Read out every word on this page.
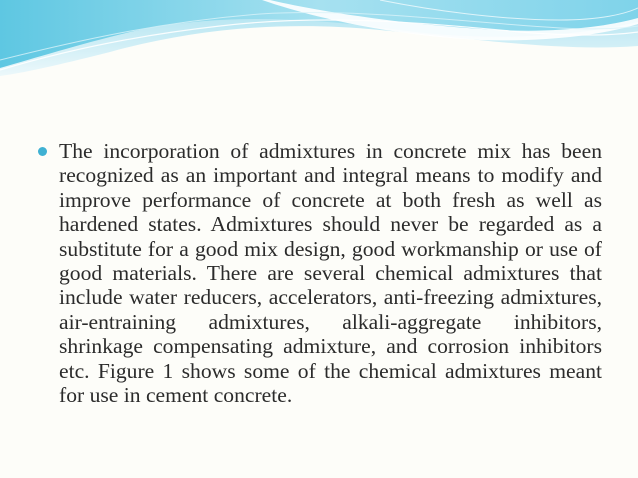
The incorporation of admixtures in concrete mix has been recognized as an important and integral means to modify and improve performance of concrete at both fresh as well as hardened states. Admixtures should never be regarded as a substitute for a good mix design, good workmanship or use of good materials. There are several chemical admixtures that include water reducers, accelerators, anti-freezing admixtures, air-entraining admixtures, alkali-aggregate inhibitors, shrinkage compensating admixture, and corrosion inhibitors etc. Figure 1 shows some of the chemical admixtures meant for use in cement concrete.
